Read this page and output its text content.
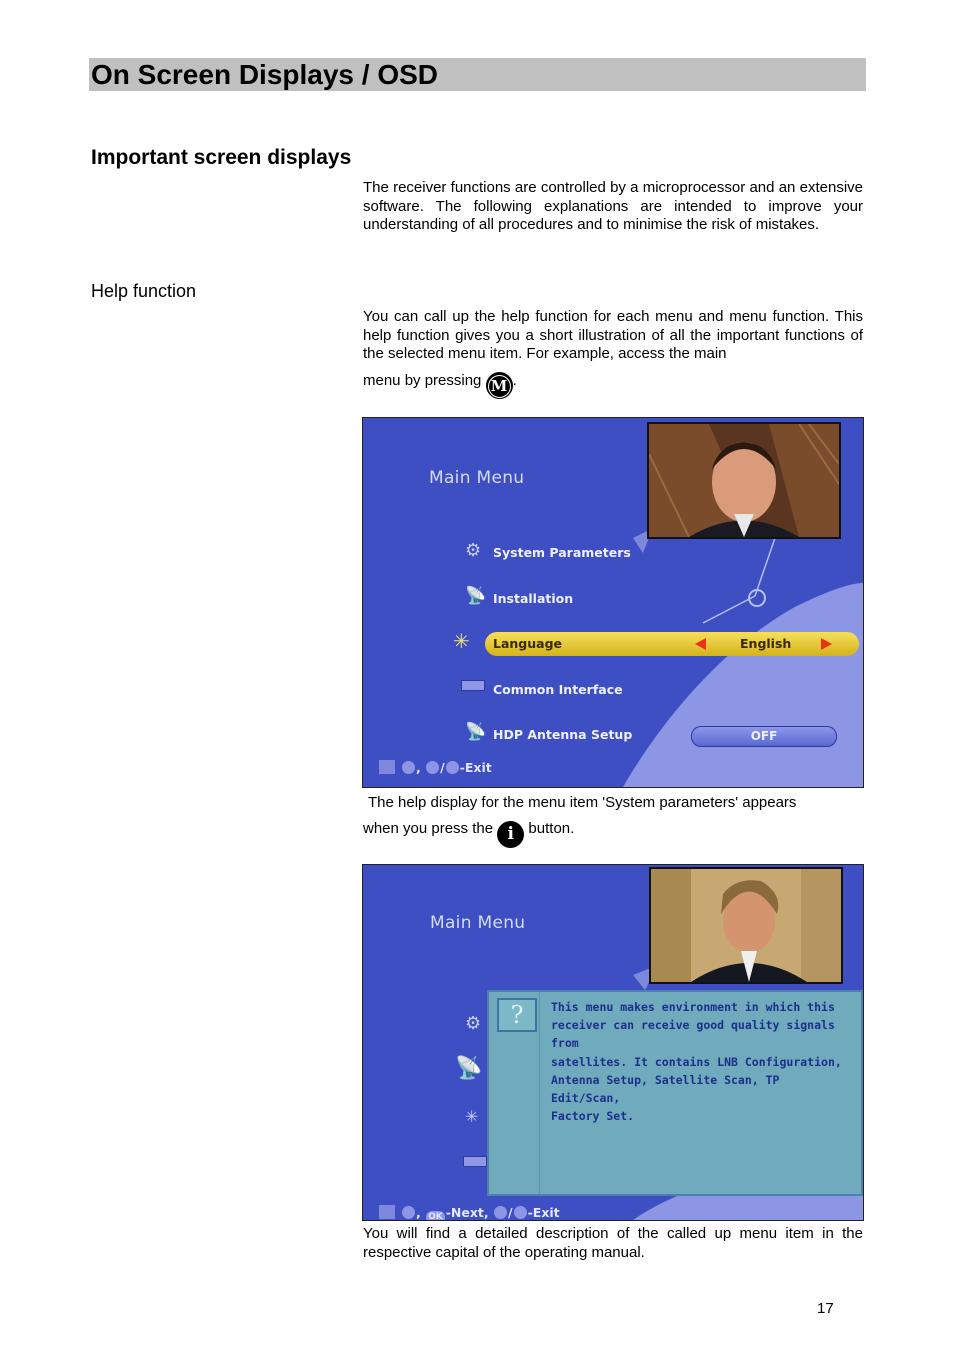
On Screen Displays / OSD
Important screen displays
The receiver functions are controlled by a microprocessor and an extensive software. The following explanations are intended to improve your understanding of all procedures and to minimise the risk of mistakes.
Help function
You can call up the help function for each menu and menu function. This help function gives you a short illustration of all the important functions of the selected menu item. For example, access the main
menu by pressing M .
Main Menu
⚙ System Parameters
📡 Installation
Language	English
✳
Common Interface
📡 HDP Antenna Setup	OFF
, / -Exit
The help display for the menu item 'System parameters' appears
when you press the i button.
Main Menu
⚙
📡
✳
?	This menu makes environment in which this
receiver can receive good quality signals from
satellites. It contains LNB Configuration,
Antenna Setup, Satellite Scan, TP Edit/Scan,
Factory Set.
, OK -Next, / -Exit
You will find a detailed description of the called up menu item in the respective capital of the operating manual.
17
